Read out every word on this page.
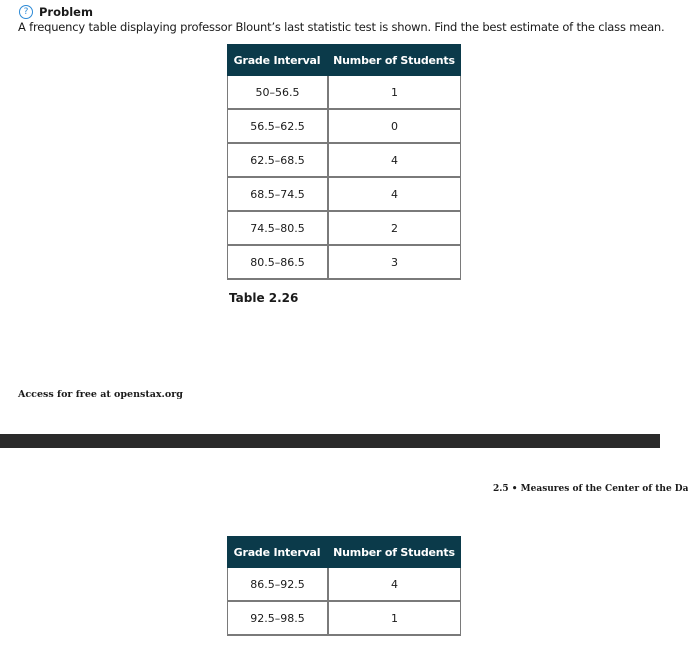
? Problem
A frequency table displaying professor Blount’s last statistic test is shown. Find the best estimate of the class mean.
Grade Interval	Number of Students
50–56.5	1
56.5–62.5	0
62.5–68.5	4
68.5–74.5	4
74.5–80.5	2
80.5–86.5	3
Table 2.26
Access for free at openstax.org
2.5 • Measures of the Center of the Da
Grade Interval	Number of Students
86.5–92.5	4
92.5–98.5	1
